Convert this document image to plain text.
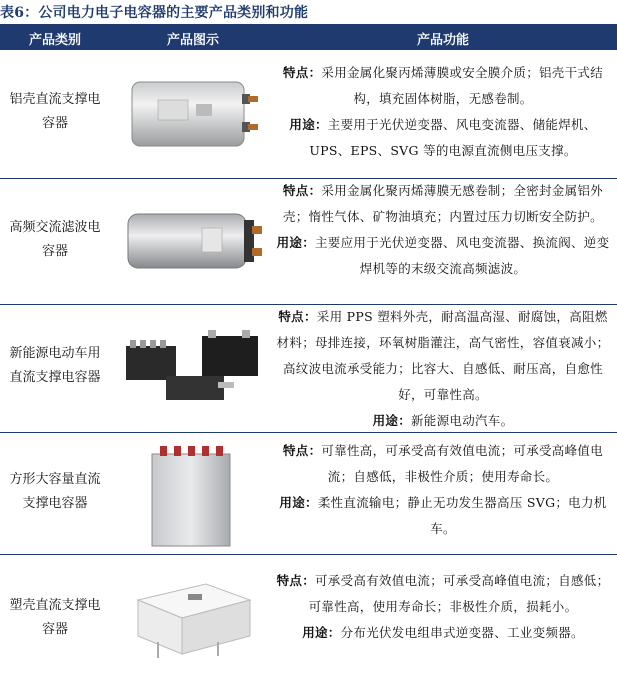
表6：公司电力电子电容器的主要产品类别和功能
产品类别	产品图示	产品功能
铝壳直流支撑电
容器

特点：采用金属化聚丙烯薄膜或安全膜介质；铝壳干式结构，填充固体树脂，无感卷制。

用途：主要用于光伏逆变器、风电变流器、储能焊机、UPS、EPS、SVG 等的电源直流侧电压支撑。

高频交流滤波电
容器

特点：采用金属化聚丙烯薄膜无感卷制；全密封金属铝外壳；惰性气体、矿物油填充；内置过压力切断安全防护。

用途：主要应用于光伏逆变器、风电变流器、换流阀、逆变焊机等的末级交流高频滤波。

新能源电动车用
直流支撑电容器

特点：采用 PPS 塑料外壳，耐高温高湿、耐腐蚀，高阻燃材料；母排连接，环氧树脂灌注，高气密性，容值衰减小；高纹波电流承受能力；比容大、自感低、耐压高，自愈性好，可靠性高。

用途：新能源电动汽车。

方形大容量直流
支撑电容器

特点：可靠性高，可承受高有效值电流；可承受高峰值电流；自感低，非极性介质；使用寿命长。

用途：柔性直流输电；静止无功发生器高压 SVG；电力机车。

塑壳直流支撑电
容器

特点：可承受高有效值电流；可承受高峰值电流；自感低；可靠性高，使用寿命长；非极性介质，损耗小。

用途：分布光伏发电组串式逆变器、工业变频器。
